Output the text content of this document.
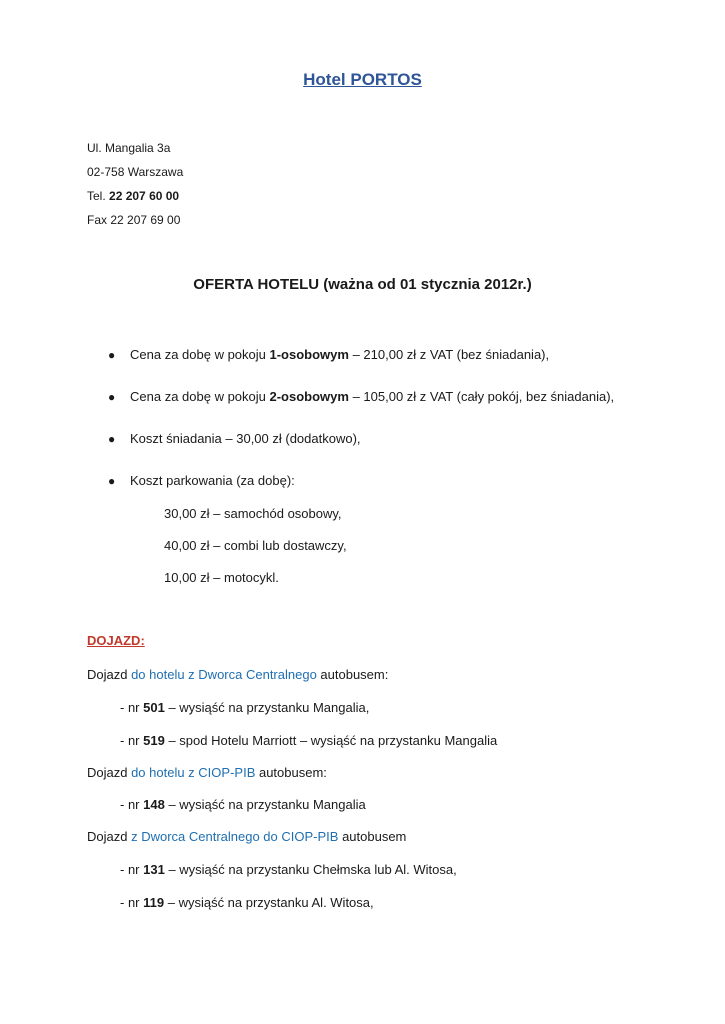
Hotel PORTOS
Ul. Mangalia 3a
02-758 Warszawa
Tel. 22 207 60 00
Fax 22 207 69 00
OFERTA HOTELU (ważna od 01 stycznia 2012r.)
● Cena za dobę w pokoju 1-osobowym – 210,00 zł z VAT (bez śniadania),
● Cena za dobę w pokoju 2-osobowym – 105,00 zł z VAT (cały pokój, bez śniadania),
● Koszt śniadania – 30,00 zł (dodatkowo),
● Koszt parkowania (za dobę):
30,00 zł – samochód osobowy,
40,00 zł – combi lub dostawczy,
10,00 zł – motocykl.
DOJAZD:
Dojazd do hotelu z Dworca Centralnego autobusem:
- nr 501 – wysiąść na przystanku Mangalia,
- nr 519 – spod Hotelu Marriott – wysiąść na przystanku Mangalia
Dojazd do hotelu z CIOP-PIB autobusem:
- nr 148 – wysiąść na przystanku Mangalia
Dojazd z Dworca Centralnego do CIOP-PIB autobusem
- nr 131 – wysiąść na przystanku Chełmska lub Al. Witosa,
- nr 119 – wysiąść na przystanku Al. Witosa,
